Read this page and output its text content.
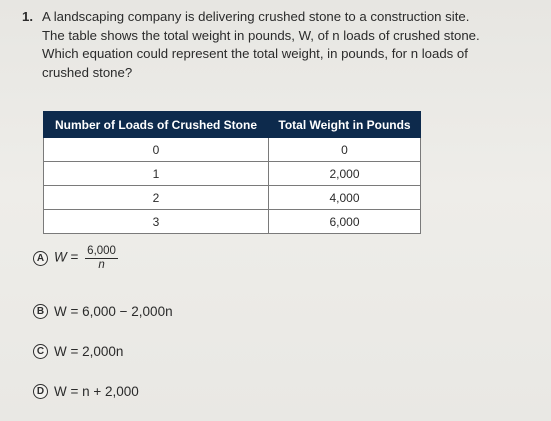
1. A landscaping company is delivering crushed stone to a construction site.
The table shows the total weight in pounds, W, of n loads of crushed stone.
Which equation could represent the total weight, in pounds, for n loads of
crushed stone?
Number of Loads of Crushed Stone	Total Weight in Pounds
0	0
1	2,000
2	4,000
3	6,000
A $W = \frac{6,000}{n}$
B W = 6,000 − 2,000n
C W = 2,000n
D W = n + 2,000
